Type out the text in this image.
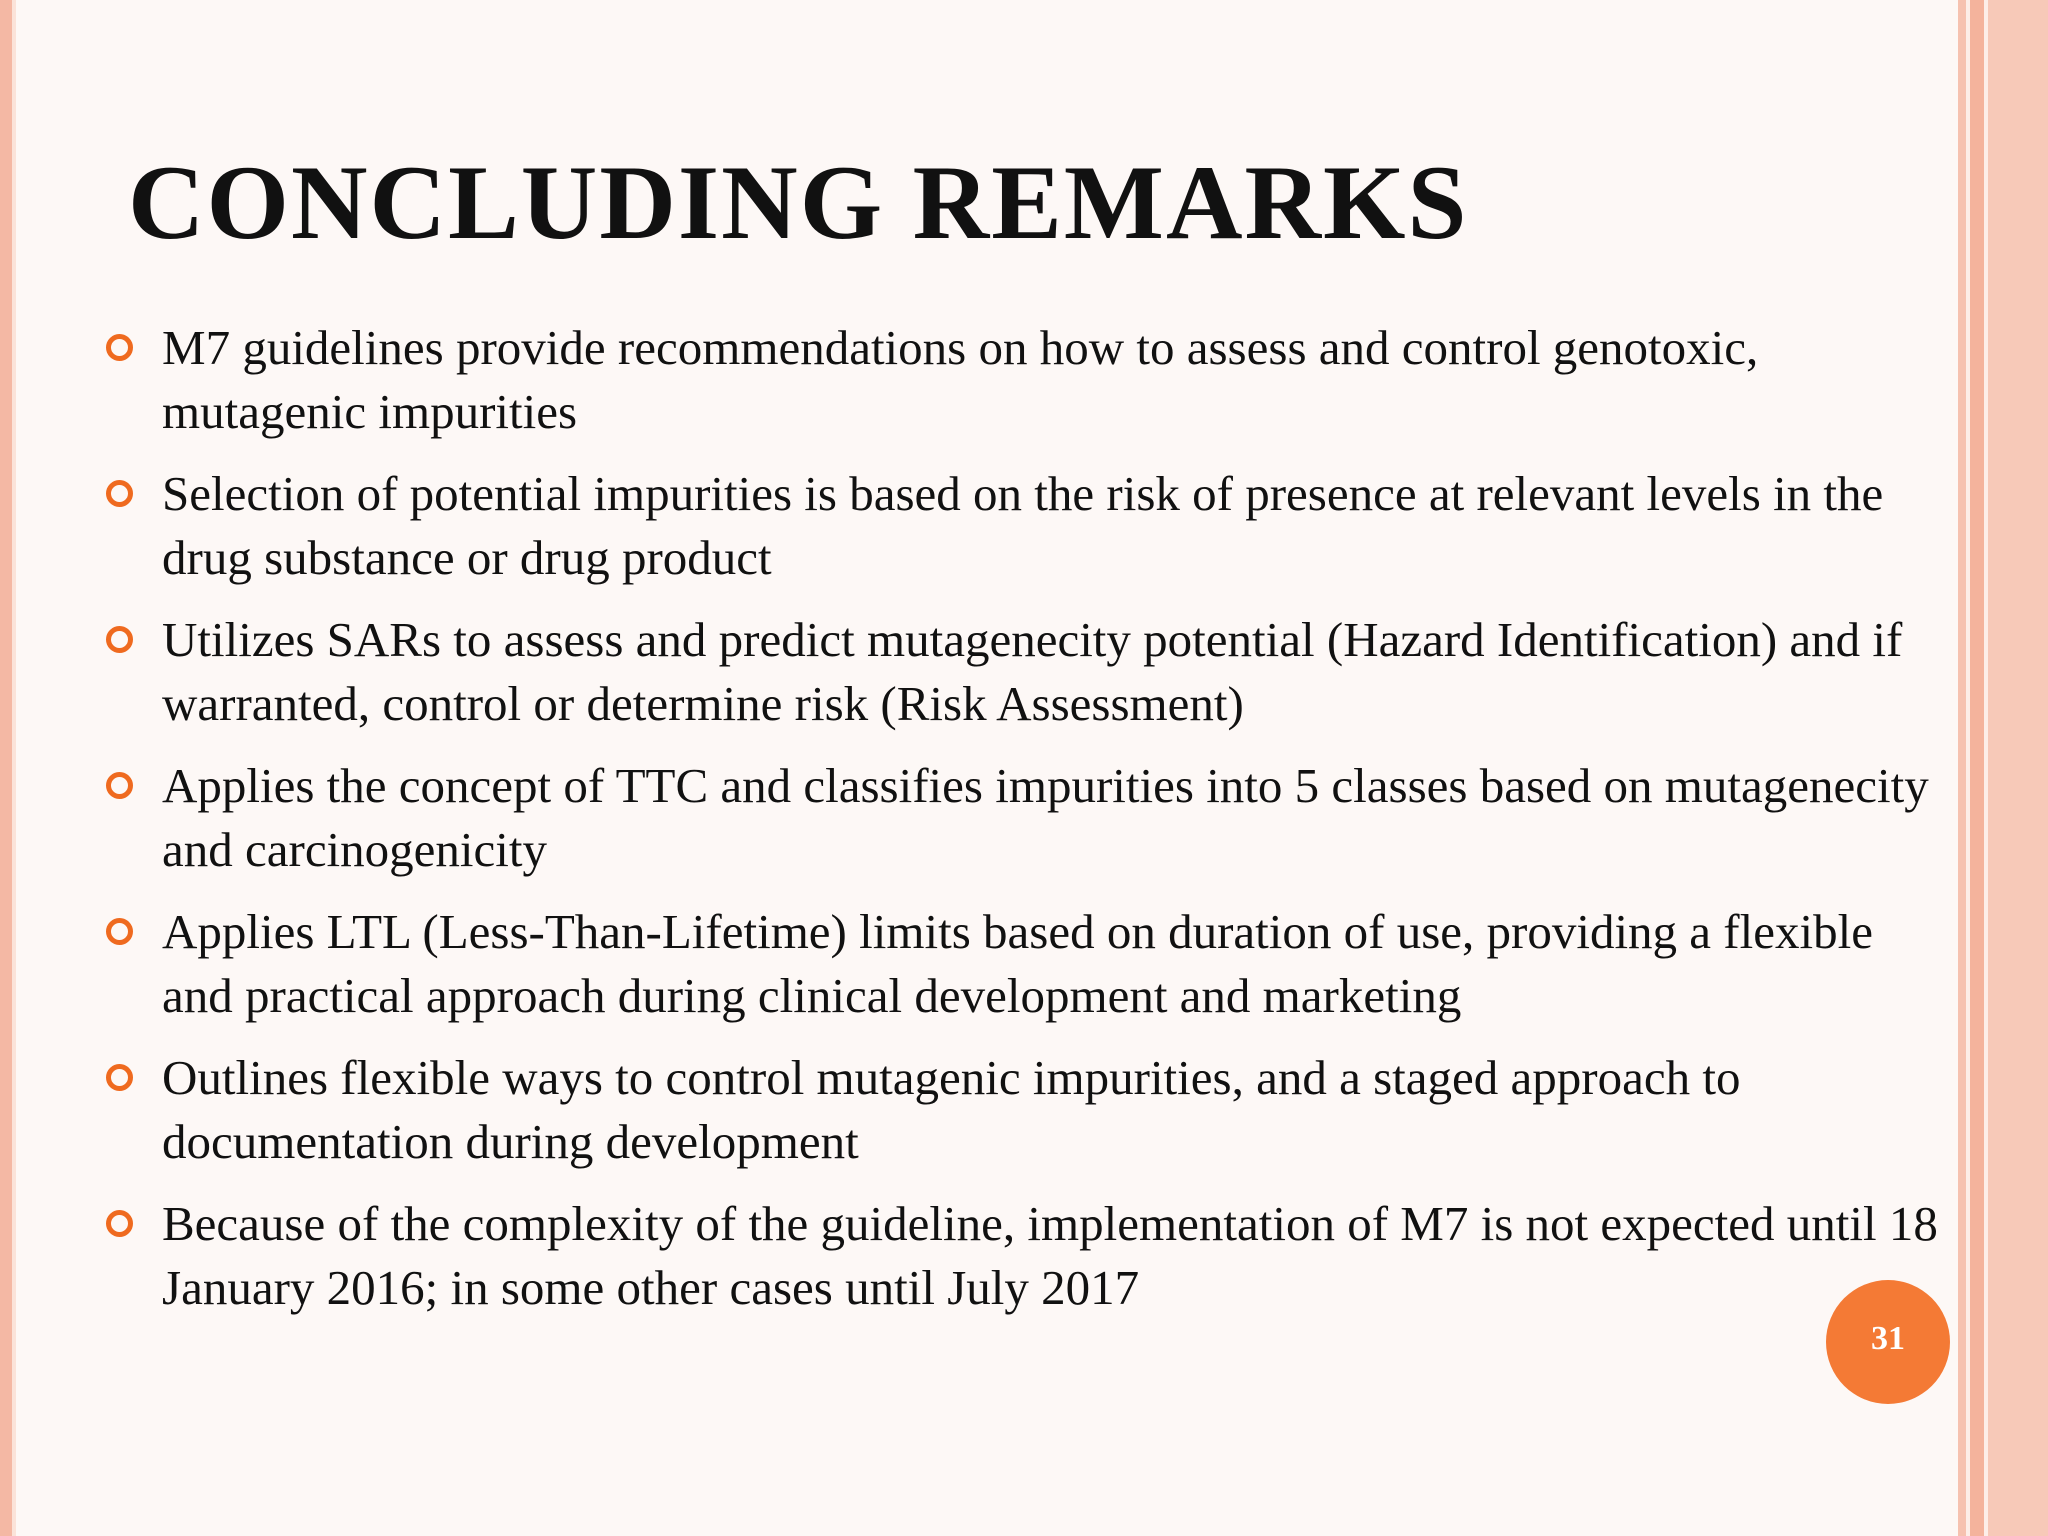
CONCLUDING REMARKS
M7 guidelines provide recommendations on how to assess and control genotoxic, mutagenic impurities
Selection of potential impurities is based on the risk of presence at relevant levels in the drug substance or drug product
Utilizes SARs to assess and predict mutagenecity potential (Hazard Identification) and if warranted, control or determine risk (Risk Assessment)
Applies the concept of TTC and classifies impurities into 5 classes based on mutagenecity and carcinogenicity
Applies LTL (Less-Than-Lifetime) limits based on duration of use, providing a flexible and practical approach during clinical development and marketing
Outlines flexible ways to control mutagenic impurities, and a staged approach to documentation during development
Because of the complexity of the guideline, implementation of M7 is not expected until 18 January 2016; in some other cases until July 2017
31
